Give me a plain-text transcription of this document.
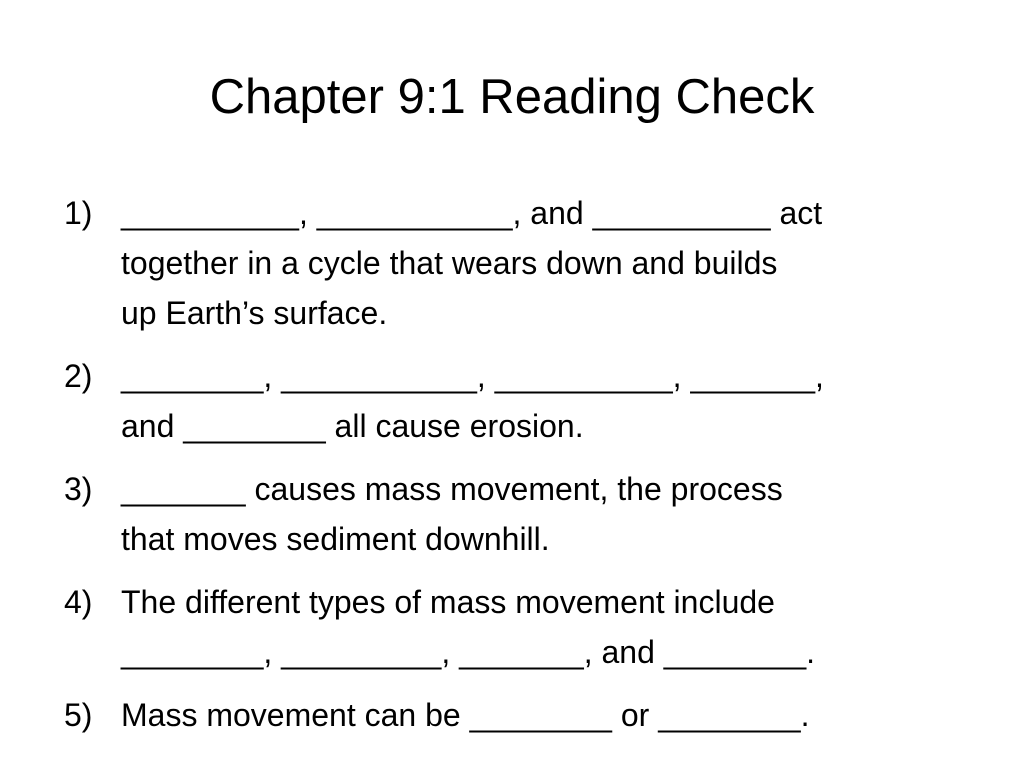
Chapter 9:1 Reading Check
1) __________, ___________, and __________ act
together in a cycle that wears down and builds
up Earth’s surface.
2) ________, ___________, __________, _______,
and ________ all cause erosion.
3) _______ causes mass movement, the process
that moves sediment downhill.
4) The different types of mass movement include
________, _________, _______, and ________.
5) Mass movement can be ________ or ________.
